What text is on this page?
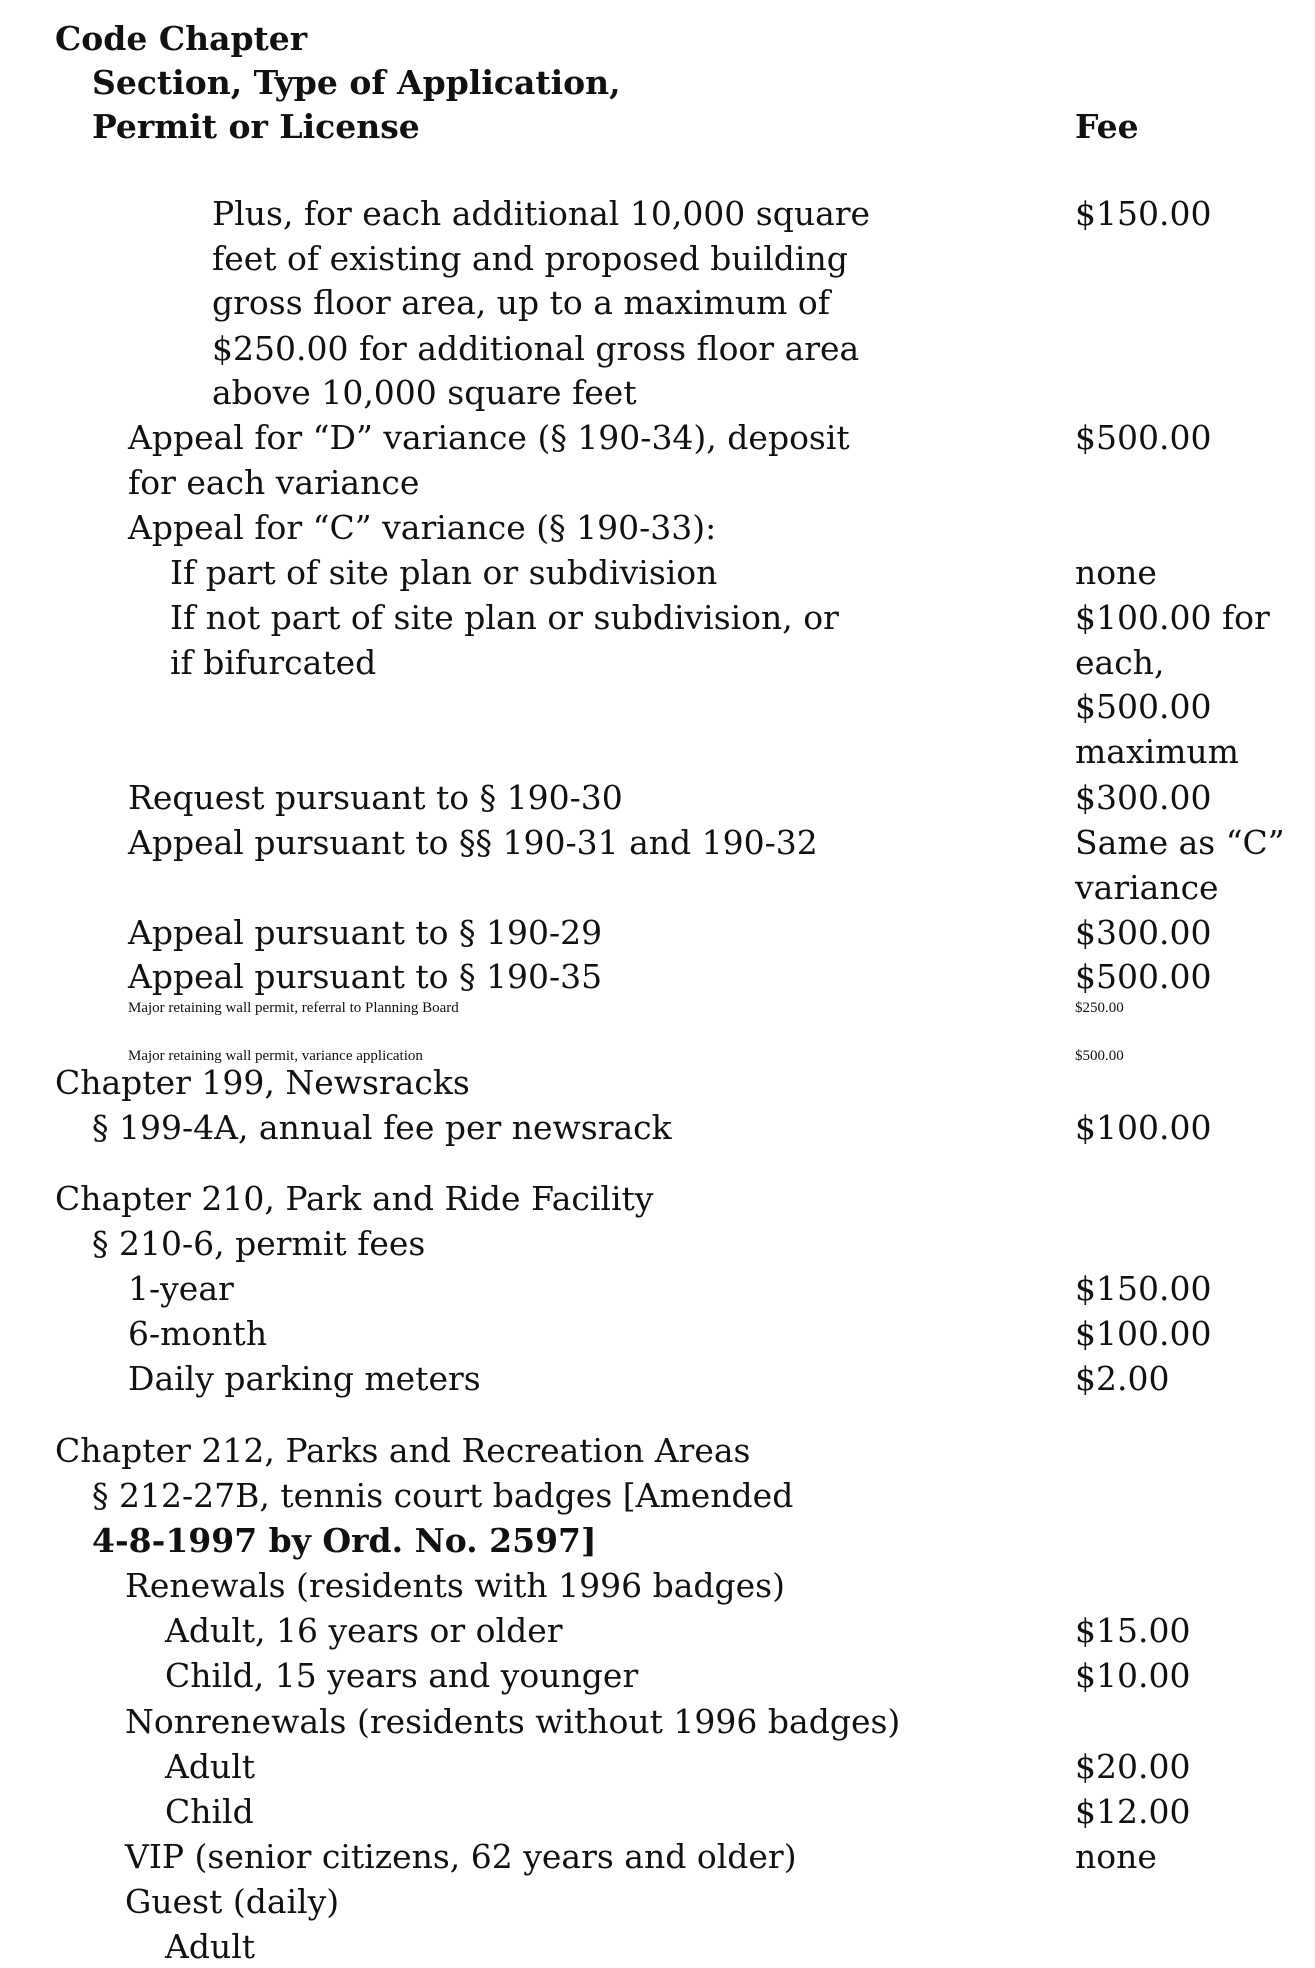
Code Chapter
Section, Type of Application,
Permit or License	Fee
Plus, for each additional 10,000 square	$150.00
feet of existing and proposed building
gross floor area, up to a maximum of
$250.00 for additional gross floor area
above 10,000 square feet
Appeal for “D” variance (§ 190-34), deposit	$500.00
for each variance
Appeal for “C” variance (§ 190-33):
If part of site plan or subdivision	none
If not part of site plan or subdivision, or	$100.00 for
if bifurcated	each,
$500.00
maximum
Request pursuant to § 190-30	$300.00
Appeal pursuant to §§ 190-31 and 190-32	Same as “C”
variance
Appeal pursuant to § 190-29	$300.00
Appeal pursuant to § 190-35	$500.00
Major retaining wall permit, referral to Planning Board	$250.00
Major retaining wall permit, variance application	$500.00
Chapter 199, Newsracks
§ 199-4A, annual fee per newsrack	$100.00
Chapter 210, Park and Ride Facility
§ 210-6, permit fees
1-year	$150.00
6-month	$100.00
Daily parking meters	$2.00
Chapter 212, Parks and Recreation Areas
§ 212-27B, tennis court badges [Amended
4-8-1997 by Ord. No. 2597]
Renewals (residents with 1996 badges)
Adult, 16 years or older	$15.00
Child, 15 years and younger	$10.00
Nonrenewals (residents without 1996 badges)
Adult	$20.00
Child	$12.00
VIP (senior citizens, 62 years and older)	none
Guest (daily)
Adult
